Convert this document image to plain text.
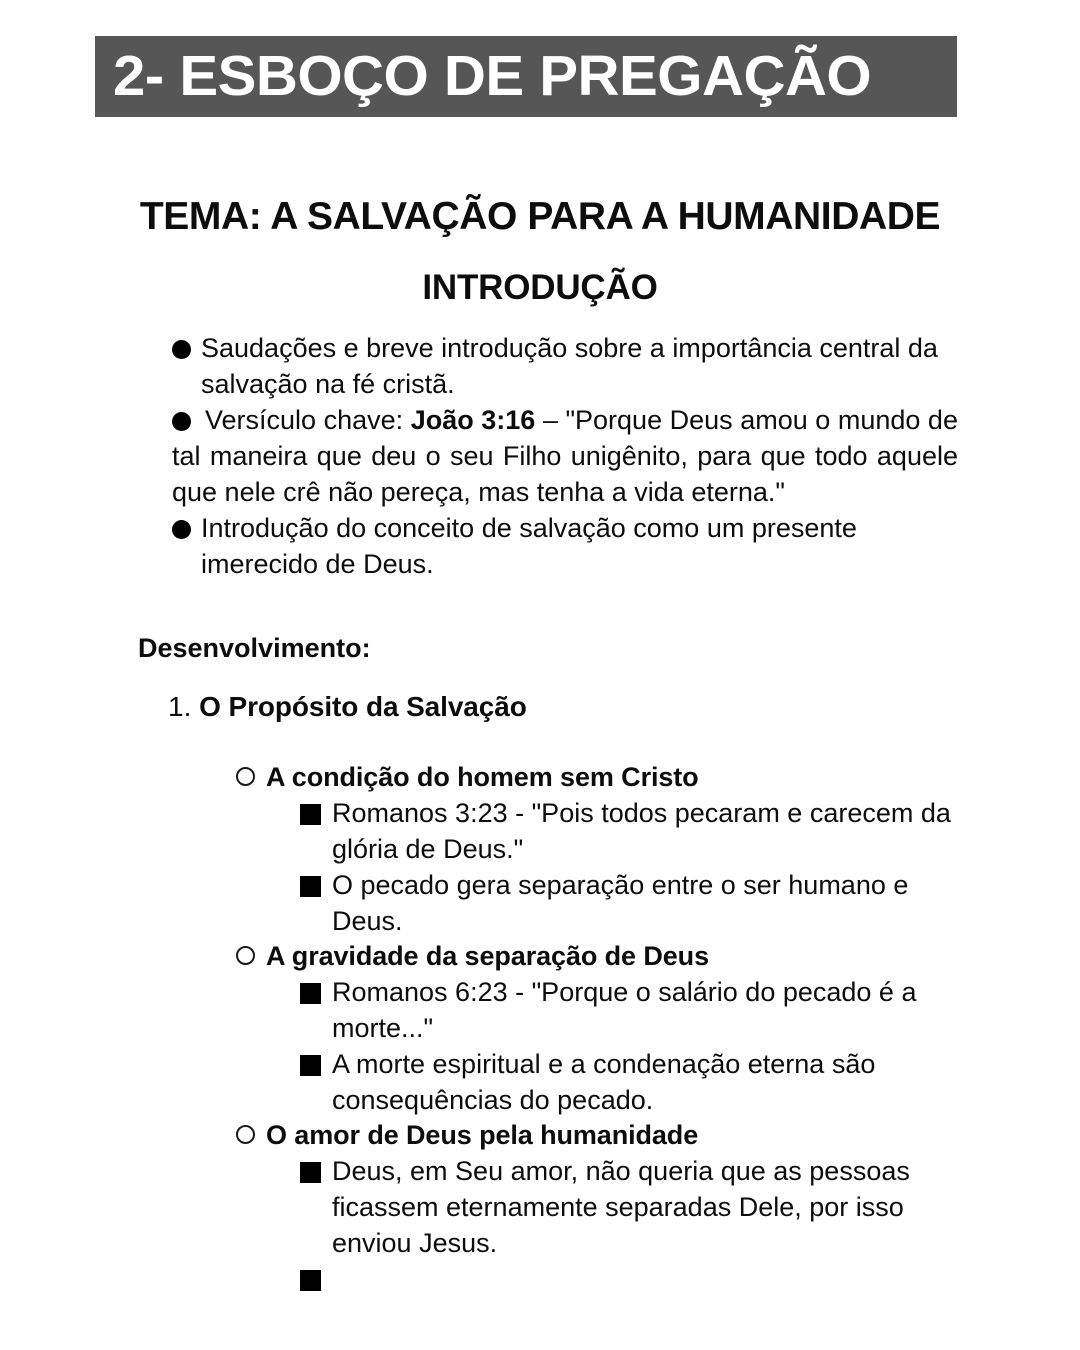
2- ESBOÇO DE PREGAÇÃO
TEMA: A SALVAÇÃO PARA A HUMANIDADE
INTRODUÇÃO
Saudações e breve introdução sobre a importância central da salvação na fé cristã.
Versículo chave: João 3:16 – "Porque Deus amou o mundo de tal maneira que deu o seu Filho unigênito, para que todo aquele que nele crê não pereça, mas tenha a vida eterna."
Introdução do conceito de salvação como um presente imerecido de Deus.
Desenvolvimento:
1. O Propósito da Salvação
A condição do homem sem Cristo
Romanos 3:23 - "Pois todos pecaram e carecem da glória de Deus."
O pecado gera separação entre o ser humano e Deus.
A gravidade da separação de Deus
Romanos 6:23 - "Porque o salário do pecado é a morte..."
A morte espiritual e a condenação eterna são consequências do pecado.
O amor de Deus pela humanidade
Deus, em Seu amor, não queria que as pessoas ficassem eternamente separadas Dele, por isso enviou Jesus.
